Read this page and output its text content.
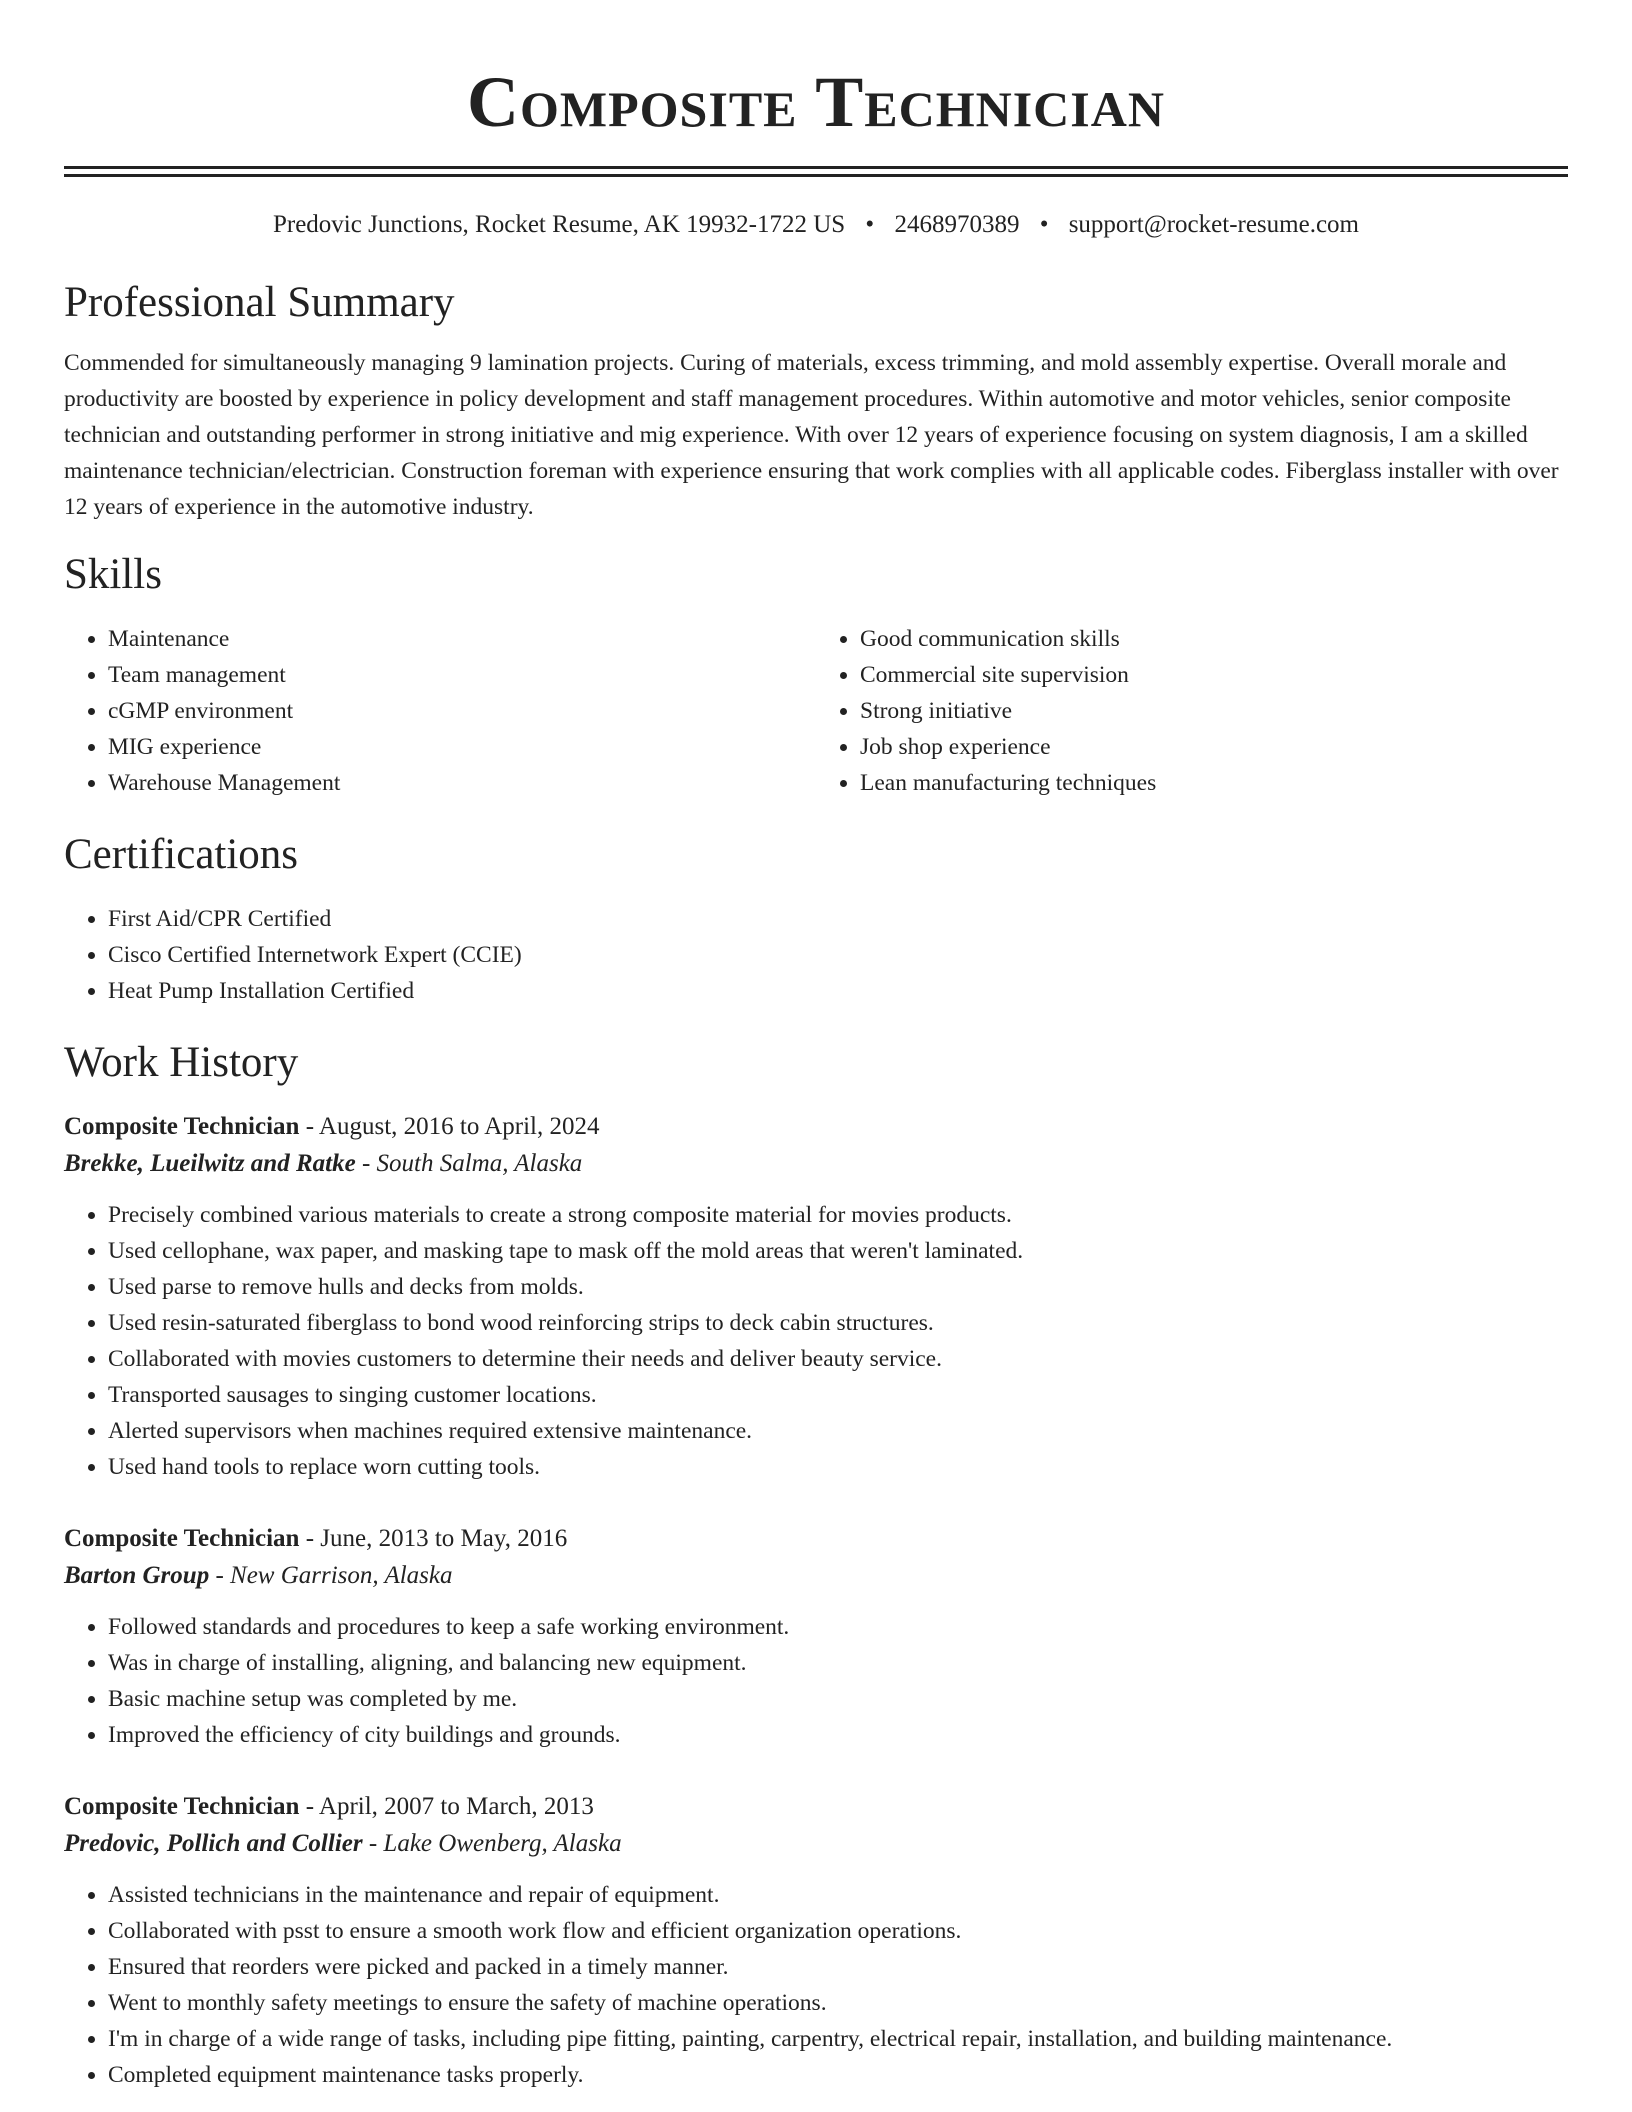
Composite Technician
Predovic Junctions, Rocket Resume, AK 19932-1722 US • 2468970389 • support@rocket-resume.com
Professional Summary

Commended for simultaneously managing 9 lamination projects. Curing of materials, excess trimming, and mold assembly expertise. Overall morale and productivity are boosted by experience in policy development and staff management procedures. Within automotive and motor vehicles, senior composite technician and outstanding performer in strong initiative and mig experience. With over 12 years of experience focusing on system diagnosis, I am a skilled maintenance technician/electrician. Construction foreman with experience ensuring that work complies with all applicable codes. Fiberglass installer with over 12 years of experience in the automotive industry.

Skills
• Maintenance
• Team management
• cGMP environment
• MIG experience
• Warehouse Management
• Good communication skills
• Commercial site supervision
• Strong initiative
• Job shop experience
• Lean manufacturing techniques
Certifications
• First Aid/CPR Certified
• Cisco Certified Internetwork Expert (CCIE)
• Heat Pump Installation Certified
Work History
Composite Technician - August, 2016 to April, 2024
Brekke, Lueilwitz and Ratke - South Salma, Alaska
• Precisely combined various materials to create a strong composite material for movies products.
• Used cellophane, wax paper, and masking tape to mask off the mold areas that weren't laminated.
• Used parse to remove hulls and decks from molds.
• Used resin-saturated fiberglass to bond wood reinforcing strips to deck cabin structures.
• Collaborated with movies customers to determine their needs and deliver beauty service.
• Transported sausages to singing customer locations.
• Alerted supervisors when machines required extensive maintenance.
• Used hand tools to replace worn cutting tools.
Composite Technician - June, 2013 to May, 2016
Barton Group - New Garrison, Alaska
• Followed standards and procedures to keep a safe working environment.
• Was in charge of installing, aligning, and balancing new equipment.
• Basic machine setup was completed by me.
• Improved the efficiency of city buildings and grounds.
Composite Technician - April, 2007 to March, 2013
Predovic, Pollich and Collier - Lake Owenberg, Alaska
• Assisted technicians in the maintenance and repair of equipment.
• Collaborated with psst to ensure a smooth work flow and efficient organization operations.
• Ensured that reorders were picked and packed in a timely manner.
• Went to monthly safety meetings to ensure the safety of machine operations.
• I'm in charge of a wide range of tasks, including pipe fitting, painting, carpentry, electrical repair, installation, and building maintenance.
• Completed equipment maintenance tasks properly.
